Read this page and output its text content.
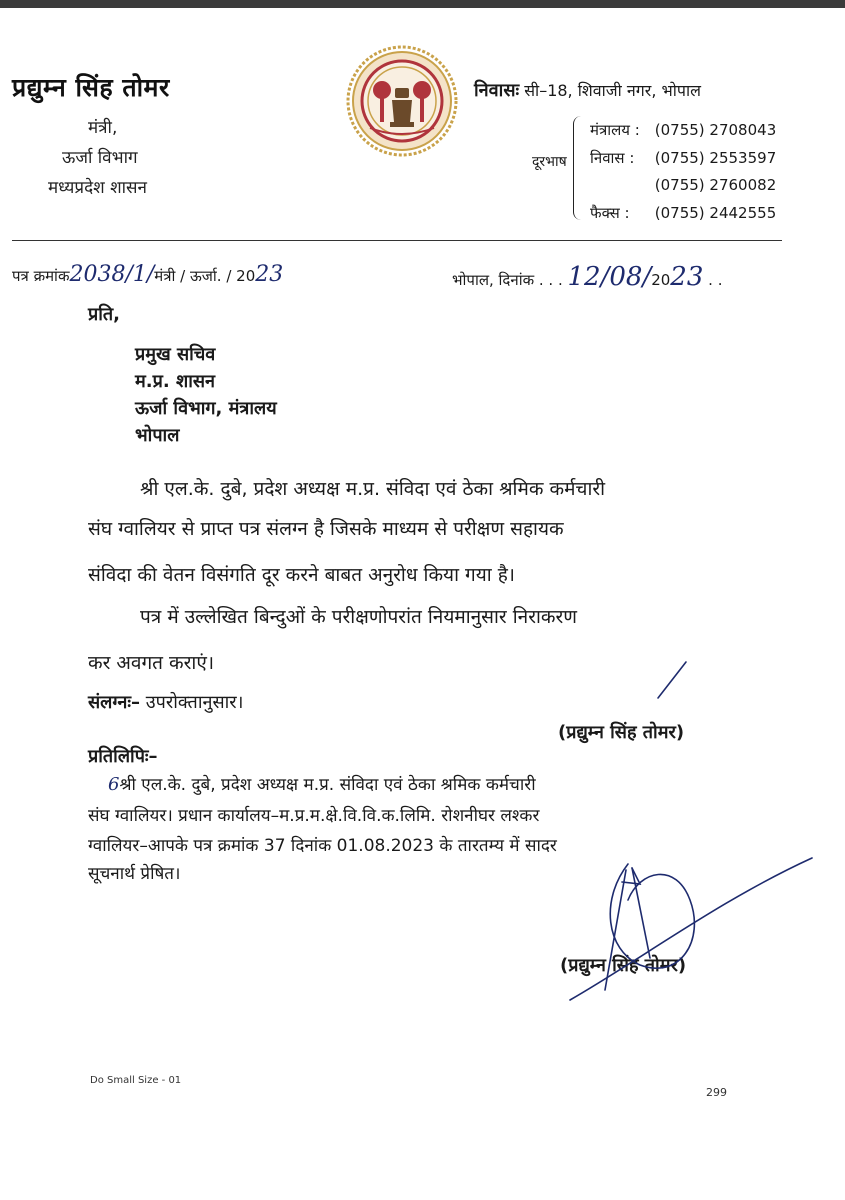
प्रद्युम्न सिंह तोमर
मंत्री,
ऊर्जा विभाग
मध्यप्रदेश शासन
निवासः सी–18, शिवाजी नगर, भोपाल
दूरभाष
मंत्रालय : (0755) 2708043
निवास : (0755) 2553597
(0755) 2760082
फैक्स : (0755) 2442555
पत्र क्रमांक2038/1/मंत्री / ऊर्जा. / 2023	भोपाल, दिनांक . . . 12/08/2023 . .
प्रति,
प्रमुख सचिव
म.प्र. शासन
ऊर्जा विभाग, मंत्रालय
भोपाल
श्री एल.के. दुबे, प्रदेश अध्यक्ष म.प्र. संविदा एवं ठेका श्रमिक कर्मचारी
संघ ग्वालियर से प्राप्त पत्र संलग्न है जिसके माध्यम से परीक्षण सहायक
संविदा की वेतन विसंगति दूर करने बाबत अनुरोध किया गया है।
पत्र में उल्लेखित बिन्दुओं के परीक्षणोपरांत नियमानुसार निराकरण
कर अवगत कराएं।
संलग्नः– उपरोक्तानुसार।
(प्रद्युम्न सिंह तोमर)
प्रतिलिपिः–
6श्री एल.के. दुबे, प्रदेश अध्यक्ष म.प्र. संविदा एवं ठेका श्रमिक कर्मचारी
संघ ग्वालियर। प्रधान कार्यालय–म.प्र.म.क्षे.वि.वि.क.लिमि. रोशनीघर लश्कर
ग्वालियर–आपके पत्र क्रमांक 37 दिनांक 01.08.2023 के तारतम्य में सादर
सूचनार्थ प्रेषित।
(प्रद्युम्न सिंह तोमर)
Do Small Size - 01
299
